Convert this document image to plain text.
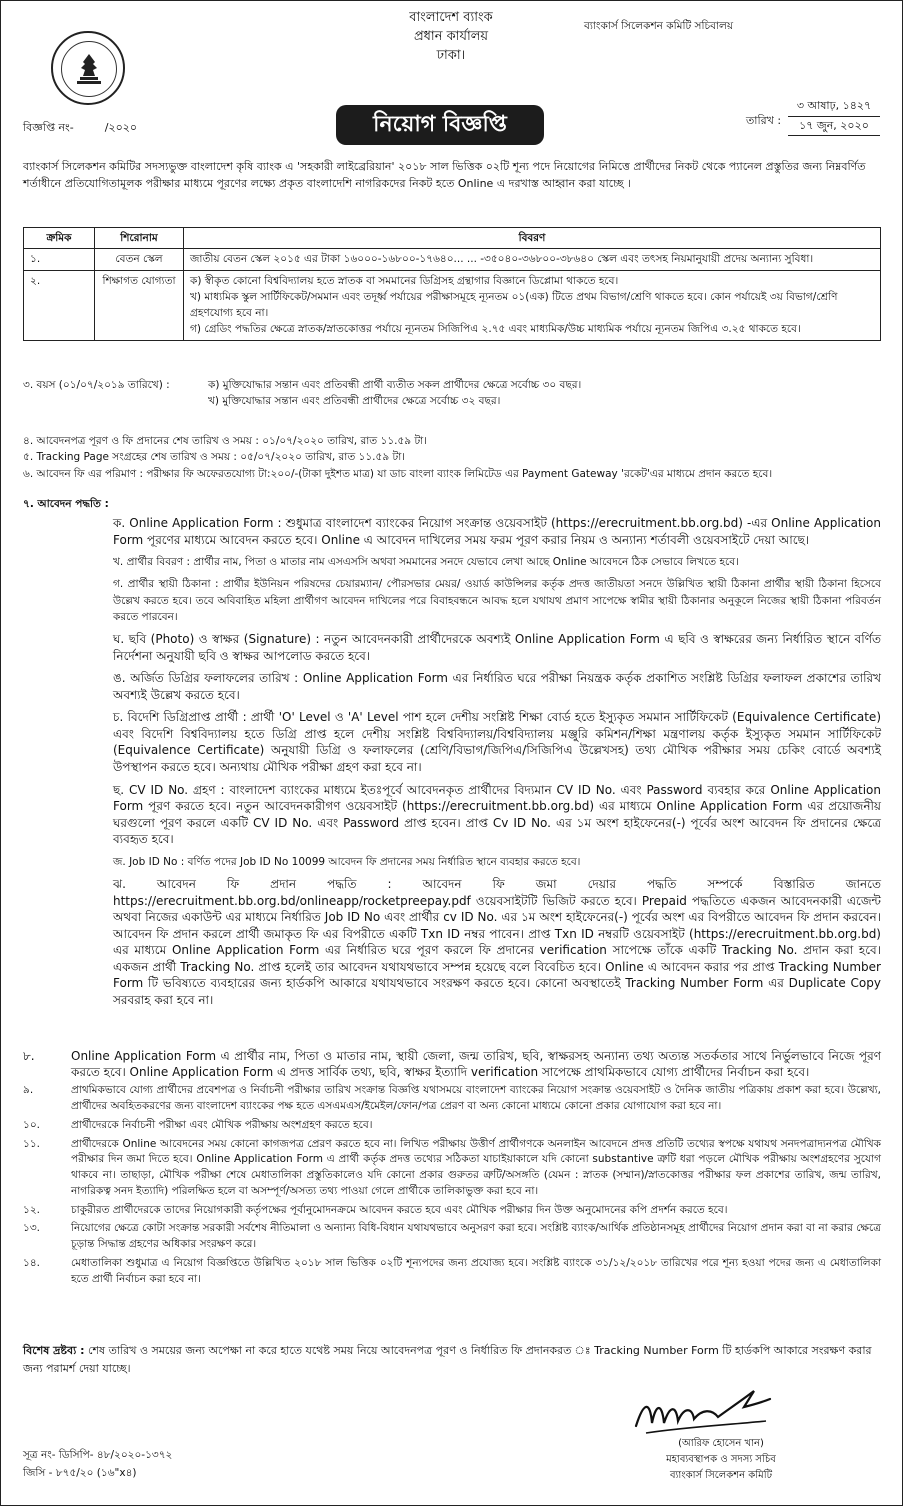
বাংলাদেশ ব্যাংক
প্রধান কার্যালয়
ঢাকা।
ব্যাংকার্স সিলেকশন কমিটি সচিবালয়
বিজ্ঞপ্তি নং-	/২০২০	নিয়োগ বিজ্ঞপ্তি	তারিখ :
৩ আষাঢ়, ১৪২৭
১৭ জুন, ২০২০
ব্যাংকার্স সিলেকশন কমিটির সদস্যভুক্ত বাংলাদেশ কৃষি ব্যাংক এ 'সহকারী লাইব্রেরিয়ান' ২০১৮ সাল ভিত্তিক ০২টি শূন্য পদে নিয়োগের নিমিত্তে প্রার্থীদের নিকট থেকে প্যানেল প্রস্তুতির জন্য নিম্নবর্ণিত শর্তাধীনে প্রতিযোগিতামূলক পরীক্ষার মাধ্যমে পূরণের লক্ষ্যে প্রকৃত বাংলাদেশি নাগরিকদের নিকট হতে Online এ দরখাস্ত আহ্বান করা যাচ্ছে ।
ক্রমিক	শিরোনাম	বিবরণ
১.	বেতন স্কেল	জাতীয় বেতন স্কেল ২০১৫ এর টাকা ১৬০০০-১৬৮০০-১৭৬৪০... ... -৩৫০৪০-৩৬৮০০-৩৮৬৪০ স্কেল এবং তৎসহ নিয়মানুযায়ী প্রদেয় অন্যান্য সুবিধা।

২.	শিক্ষাগত যোগ্যতা	ক) স্বীকৃত কোনো বিশ্ববিদ্যালয় হতে স্নাতক বা সমমানের ডিগ্রিসহ গ্রন্থাগার বিজ্ঞানে ডিপ্লোমা থাকতে হবে।
খ) মাধ্যমিক স্কুল সার্টিফিকেট/সমমান এবং তদূর্ধ্ব পর্যায়ের পরীক্ষাসমূহে ন্যূনতম ০১(এক) টিতে প্রথম বিভাগ/শ্রেণি থাকতে হবে। কোন পর্যায়েই ৩য় বিভাগ/শ্রেণি গ্রহণযোগ্য হবে না।
গ) গ্রেডিং পদ্ধতির ক্ষেত্রে স্নাতক/স্নাতকোত্তর পর্যায়ে ন্যূনতম সিজিপিএ ২.৭৫ এবং মাধ্যমিক/উচ্চ মাধ্যমিক পর্যায়ে ন্যূনতম জিপিএ ৩.২৫ থাকতে হবে।
৩. বয়স (০১/০৭/২০১৯ তারিখে) :	ক) মুক্তিযোদ্ধার সন্তান এবং প্রতিবন্ধী প্রার্থী ব্যতীত সকল প্রার্থীদের ক্ষেত্রে সর্বোচ্চ ৩০ বছর।
খ) মুক্তিযোদ্ধার সন্তান এবং প্রতিবন্ধী প্রার্থীদের ক্ষেত্রে সর্বোচ্চ ৩২ বছর।
৪. আবেদনপত্র পূরণ ও ফি প্রদানের শেষ তারিখ ও সময় : ০১/০৭/২০২০ তারিখ, রাত ১১.৫৯ টা।
৫. Tracking Page সংগ্রহের শেষ তারিখ ও সময় : ০৫/০৭/২০২০ তারিখ, রাত ১১.৫৯ টা।
৬. আবেদন ফি এর পরিমাণ : পরীক্ষার ফি অফেরতযোগ্য টা:২০০/-(টাকা দুইশত মাত্র) যা ডাচ বাংলা ব্যাংক লিমিটেড এর Payment Gateway 'রকেট'এর মাধ্যমে প্রদান করতে হবে।
৭. আবেদন পদ্ধতি :
ক. Online Application Form : শুধুমাত্র বাংলাদেশ ব্যাংকের নিয়োগ সংক্রান্ত ওয়েবসাইট (https://erecruitment.bb.org.bd) -এর Online Application Form পূরণের মাধ্যমে আবেদন করতে হবে। Online এ আবেদন দাখিলের সময় ফরম পূরণ করার নিয়ম ও অন্যান্য শর্তাবলী ওয়েবসাইটে দেয়া আছে।
খ. প্রার্থীর বিবরণ : প্রার্থীর নাম, পিতা ও মাতার নাম এসএসসি অথবা সমমানের সনদে যেভাবে লেখা আছে Online আবেদনে ঠিক সেভাবে লিখতে হবে।
গ. প্রার্থীর স্থায়ী ঠিকানা : প্রার্থীর ইউনিয়ন পরিষদের চেয়ারম্যান/ পৌরসভার মেয়র/ ওয়ার্ড কাউন্সিলর কর্তৃক প্রদত্ত জাতীয়তা সনদে উল্লিখিত স্থায়ী ঠিকানা প্রার্থীর স্থায়ী ঠিকানা হিসেবে উল্লেখ করতে হবে। তবে অবিবাহিত মহিলা প্রার্থীগণ আবেদন দাখিলের পরে বিবাহবন্ধনে আবদ্ধ হলে যথাযথ প্রমাণ সাপেক্ষে স্বামীর স্থায়ী ঠিকানার অনুকূলে নিজের স্থায়ী ঠিকানা পরিবর্তন করতে পারবেন।
ঘ. ছবি (Photo) ও স্বাক্ষর (Signature) : নতুন আবেদনকারী প্রার্থীদেরকে অবশ্যই Online Application Form এ ছবি ও স্বাক্ষরের জন্য নির্ধারিত স্থানে বর্ণিত নির্দেশনা অনুযায়ী ছবি ও স্বাক্ষর আপলোড করতে হবে।
ঙ. অর্জিত ডিগ্রির ফলাফলের তারিখ : Online Application Form এর নির্ধারিত ঘরে পরীক্ষা নিয়ন্ত্রক কর্তৃক প্রকাশিত সংশ্লিষ্ট ডিগ্রির ফলাফল প্রকাশের তারিখ অবশ্যই উল্লেখ করতে হবে।
চ. বিদেশি ডিগ্রিপ্রাপ্ত প্রার্থী : প্রার্থী 'O' Level ও 'A' Level পাশ হলে দেশীয় সংশ্লিষ্ট শিক্ষা বোর্ড হতে ইস্যুকৃত সমমান সার্টিফিকেট (Equivalence Certificate) এবং বিদেশি বিশ্ববিদ্যালয় হতে ডিগ্রি প্রাপ্ত হলে দেশীয় সংশ্লিষ্ট বিশ্ববিদ্যালয়/বিশ্ববিদ্যালয় মঞ্জুরি কমিশন/শিক্ষা মন্ত্রণালয় কর্তৃক ইস্যুকৃত সমমান সার্টিফিকেট (Equivalence Certificate) অনুযায়ী ডিগ্রি ও ফলাফলের (শ্রেণি/বিভাগ/জিপিএ/সিজিপিএ উল্লেখসহ) তথ্য মৌখিক পরীক্ষার সময় চেকিং বোর্ডে অবশ্যই উপস্থাপন করতে হবে। অন্যথায় মৌখিক পরীক্ষা গ্রহণ করা হবে না।
ছ. CV ID No. গ্রহণ : বাংলাদেশ ব্যাংকের মাধ্যমে ইতঃপূর্বে আবেদনকৃত প্রার্থীদের বিদ্যমান CV ID No. এবং Password ব্যবহার করে Online Application Form পূরণ করতে হবে। নতুন আবেদনকারীগণ ওয়েবসাইট (https://erecruitment.bb.org.bd) এর মাধ্যমে Online Application Form এর প্রয়োজনীয় ঘরগুলো পূরণ করলে একটি CV ID No. এবং Password প্রাপ্ত হবেন। প্রাপ্ত Cv ID No. এর ১ম অংশ হাইফেনের(-) পূর্বের অংশ আবেদন ফি প্রদানের ক্ষেত্রে ব্যবহৃত হবে।
জ. Job ID No : বর্ণিত পদের Job ID No 10099 আবেদন ফি প্রদানের সময় নির্ধারিত স্থানে ব্যবহার করতে হবে।
ঝ. আবেদন ফি প্রদান পদ্ধতি : আবেদন ফি জমা দেয়ার পদ্ধতি সম্পর্কে বিস্তারিত জানতে https://erecruitment.bb.org.bd/onlineapp/rocketpreepay.pdf ওয়েবসাইটটি ভিজিট করতে হবে। Prepaid পদ্ধতিতে একজন আবেদনকারী এজেন্ট অথবা নিজের একাউন্ট এর মাধ্যমে নির্ধারিত Job ID No এবং প্রার্থীর cv ID No. এর ১ম অংশ হাইফেনের(-) পূর্বের অংশ এর বিপরীতে আবেদন ফি প্রদান করবেন। আবেদন ফি প্রদান করলে প্রার্থী জমাকৃত ফি এর বিপরীতে একটি Txn ID নম্বর পাবেন। প্রাপ্ত Txn ID নম্বরটি ওয়েবসাইট (https://erecruitment.bb.org.bd) এর মাধ্যমে Online Application Form এর নির্ধারিত ঘরে পূরণ করলে ফি প্রদানের verification সাপেক্ষে তাঁকে একটি Tracking No. প্রদান করা হবে। একজন প্রার্থী Tracking No. প্রাপ্ত হলেই তার আবেদন যথাযথভাবে সম্পন্ন হয়েছে বলে বিবেচিত হবে। Online এ আবেদন করার পর প্রাপ্ত Tracking Number Form টি ভবিষ্যতে ব্যবহারের জন্য হার্ডকপি আকারে যথাযথভাবে সংরক্ষণ করতে হবে। কোনো অবস্থাতেই Tracking Number Form এর Duplicate Copy সরবরাহ করা হবে না।
৮.	Online Application Form এ প্রার্থীর নাম, পিতা ও মাতার নাম, স্থায়ী জেলা, জন্ম তারিখ, ছবি, স্বাক্ষরসহ অন্যান্য তথ্য অত্যন্ত সতর্কতার সাথে নির্ভুলভাবে নিজে পূরণ করতে হবে। Online Application Form এ প্রদত্ত সার্বিক তথ্য, ছবি, স্বাক্ষর ইত্যাদি verification সাপেক্ষে প্রাথমিকভাবে যোগ্য প্রার্থীদের নির্বাচন করা হবে।
৯.	প্রাথমিকভাবে যোগ্য প্রার্থীদের প্রবেশপত্র ও নির্বাচনী পরীক্ষার তারিখ সংক্রান্ত বিজ্ঞপ্তি যথাসময়ে বাংলাদেশ ব্যাংকের নিয়োগ সংক্রান্ত ওয়েবসাইট ও দৈনিক জাতীয় পত্রিকায় প্রকাশ করা হবে। উল্লেখ্য, প্রার্থীদের অবহিতকরণের জন্য বাংলাদেশ ব্যাংকের পক্ষ হতে এসএমএস/ইমেইল/ফোন/পত্র প্রেরণ বা অন্য কোনো মাধ্যমে কোনো প্রকার যোগাযোগ করা হবে না।
১০.	প্রার্থীদেরকে নির্বাচনী পরীক্ষা এবং মৌখিক পরীক্ষায় অংশগ্রহণ করতে হবে।
১১.	প্রার্থীদেরকে Online আবেদনের সময় কোনো কাগজপত্র প্রেরণ করতে হবে না। লিখিত পরীক্ষায় উত্তীর্ণ প্রার্থীগণকে অনলাইন আবেদনে প্রদত্ত প্রতিটি তথ্যের স্বপক্ষে যথাযথ সনদপত্রাদ্যনপত্র মৌখিক পরীক্ষার দিন জমা দিতে হবে। Online Application Form এ প্রার্থী কর্তৃক প্রদত্ত তথ্যের সঠিকতা যাচাইয়াকালে যদি কোনো substantive ত্রুটি ধরা পড়লে মৌখিক পরীক্ষায় অংশগ্রহণের সুযোগ থাকবে না। তাছাড়া, মৌখিক পরীক্ষা শেষে মেধাতালিকা প্রস্তুতিকালেও যদি কোনো প্রকার গুরুতর ত্রুটি/অসঙ্গতি (যেমন : স্নাতক (সম্মান)/স্নাতকোত্তর পরীক্ষার ফল প্রকাশের তারিখ, জন্ম তারিখ, নাগরিকত্ব সনদ ইত্যাদি) পরিলক্ষিত হলে বা অসম্পূর্ণ/অসত্য তথ্য পাওয়া গেলে প্রার্থীকে তালিকাভুক্ত করা হবে না।
১২.	চাকুরীরত প্রার্থীদেরকে তাদের নিয়োগকারী কর্তৃপক্ষের পূর্বানুমোদনক্রমে আবেদন করতে হবে এবং মৌখিক পরীক্ষার দিন উক্ত অনুমোদনের কপি প্রদর্শন করতে হবে।
১৩.	নিয়োগের ক্ষেত্রে কোটা সংক্রান্ত সরকারী সর্বশেষ নীতিমালা ও অন্যান্য বিধি-বিধান যথাযথভাবে অনুসরণ করা হবে। সংশ্লিষ্ট ব্যাংক/আর্থিক প্রতিষ্ঠানসমূহ প্রার্থীদের নিয়োগ প্রদান করা বা না করার ক্ষেত্রে চূড়ান্ত সিদ্ধান্ত গ্রহণের অধিকার সংরক্ষণ করে।
১৪.	মেধাতালিকা শুধুমাত্র এ নিয়োগ বিজ্ঞপ্তিতে উল্লিখিত ২০১৮ সাল ভিত্তিক ০২টি শূন্যপদের জন্য প্রযোজ্য হবে। সংশ্লিষ্ট ব্যাংকে ৩১/১২/২০১৮ তারিখের পরে শূন্য হওয়া পদের জন্য এ মেধাতালিকা হতে প্রার্থী নির্বাচন করা হবে না।
বিশেষ দ্রষ্টব্য : শেষ তারিখ ও সময়ের জন্য অপেক্ষা না করে হাতে যথেষ্ট সময় নিয়ে আবেদনপত্র পূরণ ও নির্ধারিত ফি প্রদানকরত ঃ Tracking Number Form টি হার্ডকপি আকারে সংরক্ষণ করার জন্য পরামর্শ দেয়া যাচ্ছে।
(আরিফ হোসেন খান)
মহাব্যবস্থাপক ও সদস্য সচিব
ব্যাংকার্স সিলেকশন কমিটি
সূত্র নং- ডিসিপি- ৪৮/২০২০-১৩৭২
জিসি - ৮৭৫/২০ (১৬"x৪)
